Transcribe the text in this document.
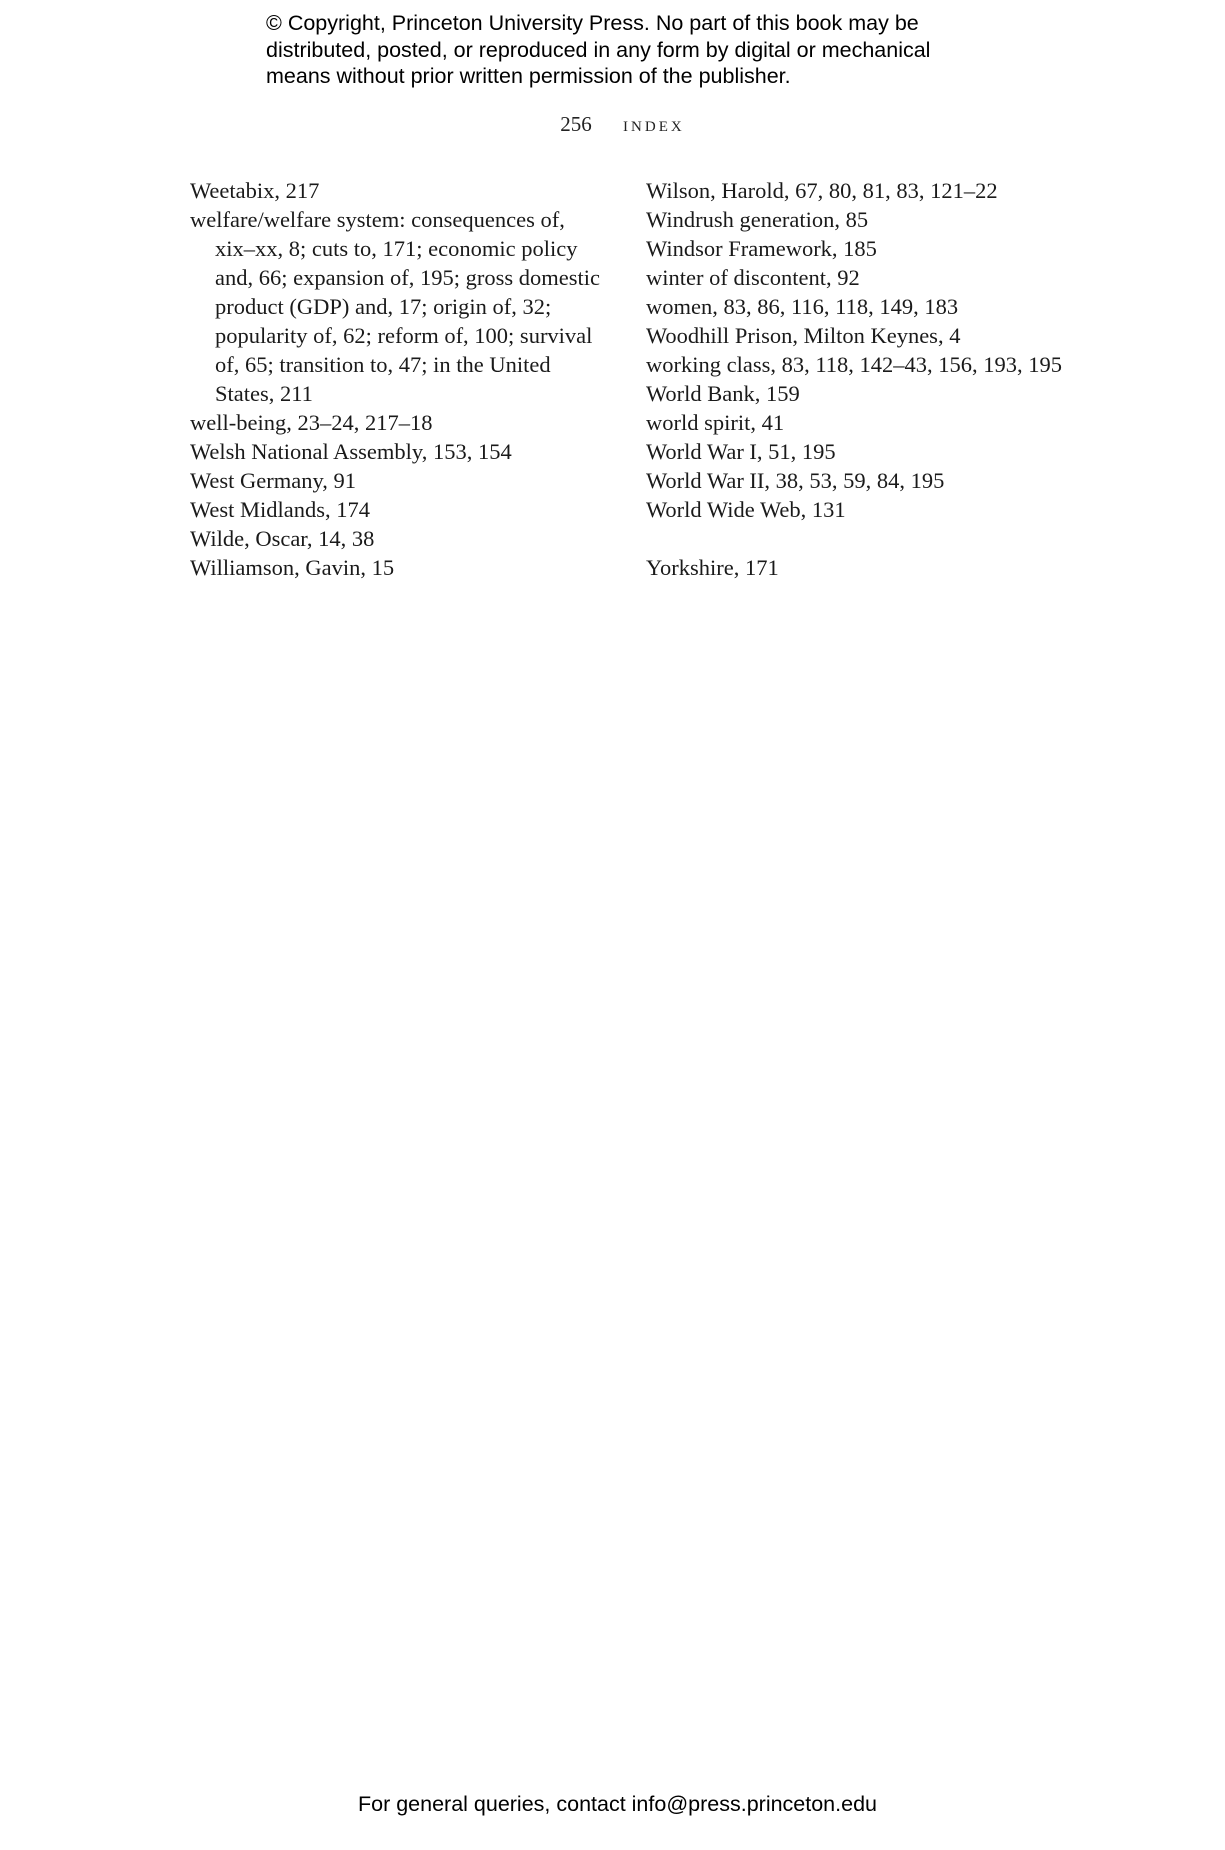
© Copyright, Princeton University Press. No part of this book may be
distributed, posted, or reproduced in any form by digital or mechanical
means without prior written permission of the publisher.
256 index
Weetabix, 217
welfare/welfare system: consequences of, xix–xx, 8; cuts to, 171; economic policy and, 66; expansion of, 195; gross domestic product (GDP) and, 17; origin of, 32; popularity of, 62; reform of, 100; survival of, 65; transition to, 47; in the United States, 211
well-being, 23–24, 217–18
Welsh National Assembly, 153, 154
West Germany, 91
West Midlands, 174
Wilde, Oscar, 14, 38
Williamson, Gavin, 15
Wilson, Harold, 67, 80, 81, 83, 121–22
Windrush generation, 85
Windsor Framework, 185
winter of discontent, 92
women, 83, 86, 116, 118, 149, 183
Woodhill Prison, Milton Keynes, 4
working class, 83, 118, 142–43, 156, 193, 195
World Bank, 159
world spirit, 41
World War I, 51, 195
World War II, 38, 53, 59, 84, 195
World Wide Web, 131
Yorkshire, 171
For general queries, contact info@press.princeton.edu
